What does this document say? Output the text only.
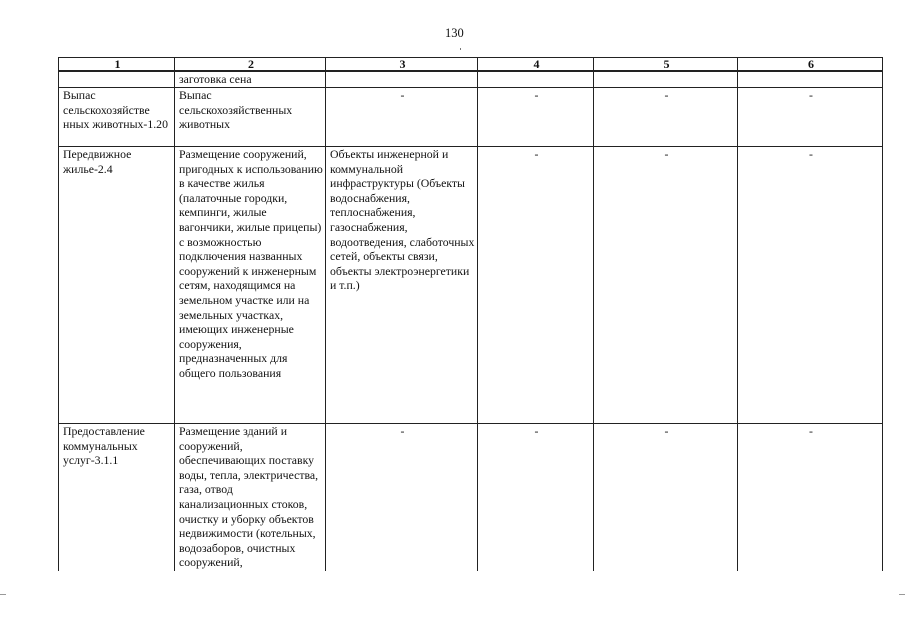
130
1	2	3	4	5	6
	заготовка сена				
Выпас сельскохозяйстве нных животных-1.20	Выпас сельскохозяйственных животных	-	-	-	-
Передвижное жилье-2.4	Размещение сооружений, пригодных к использованию в качестве жилья (палаточные городки, кемпинги, жилые вагончики, жилые прицепы) с возможностью подключения названных сооружений к инженерным сетям, находящимся на земельном участке или на земельных участках, имеющих инженерные сооружения, предназначенных для общего пользования	Объекты инженерной и коммунальной инфраструктуры (Объекты водоснабжения, теплоснабжения, газоснабжения, водоотведения, слаботочных сетей, объекты связи, объекты электроэнергетики и т.п.)	-	-	-
Предоставление коммунальных услуг-3.1.1	Размещение зданий и сооружений, обеспечивающих поставку воды, тепла, электричества, газа, отвод канализационных стоков, очистку и уборку объектов недвижимости (котельных, водозаборов, очистных сооружений,	-	-	-	-
